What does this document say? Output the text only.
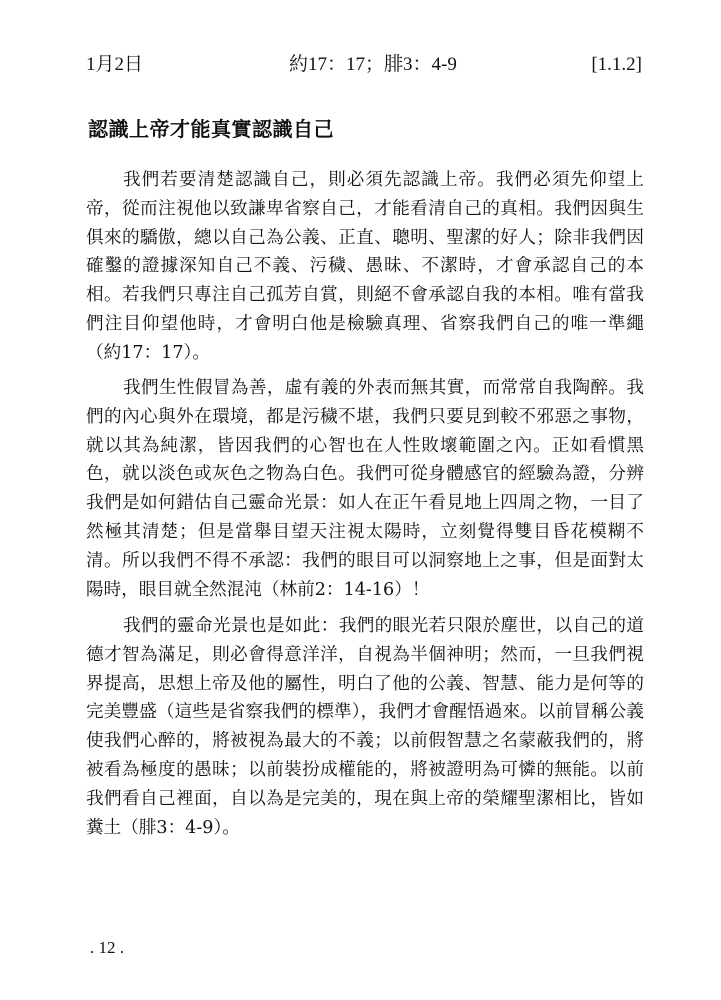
1月2日	約17：17；腓3：4-9	[1.1.2]
認識上帝才能真實認識自己

我們若要清楚認識自己，則必須先認識上帝。我們必須先仰望上帝，從而注視他以致謙卑省察自己，才能看清自己的真相。我們因與生俱來的驕傲，總以自己為公義、正直、聰明、聖潔的好人；除非我們因確鑿的證據深知自己不義、污穢、愚昧、不潔時，才會承認自己的本相。若我們只專注自己孤芳自賞，則絕不會承認自我的本相。唯有當我們注目仰望他時，才會明白他是檢驗真理、省察我們自己的唯一準繩（約17：17）。

我們生性假冒為善，虛有義的外表而無其實，而常常自我陶醉。我們的內心與外在環境，都是污穢不堪，我們只要見到較不邪惡之事物，就以其為純潔，皆因我們的心智也在人性敗壞範圍之內。正如看慣黑色，就以淡色或灰色之物為白色。我們可從身體感官的經驗為證，分辨我們是如何錯估自己靈命光景：如人在正午看見地上四周之物，一目了然極其清楚；但是當舉目望天注視太陽時，立刻覺得雙目昏花模糊不清。所以我們不得不承認：我們的眼目可以洞察地上之事，但是面對太陽時，眼目就全然混沌（林前2：14-16）！

我們的靈命光景也是如此：我們的眼光若只限於塵世，以自己的道德才智為滿足，則必會得意洋洋，自視為半個神明；然而，一旦我們視界提高，思想上帝及他的屬性，明白了他的公義、智慧、能力是何等的完美豐盛（這些是省察我們的標準），我們才會醒悟過來。以前冒稱公義使我們心醉的，將被視為最大的不義；以前假智慧之名蒙蔽我們的，將被看為極度的愚昧；以前裝扮成權能的，將被證明為可憐的無能。以前我們看自己裡面，自以為是完美的，現在與上帝的榮耀聖潔相比，皆如糞土（腓3：4-9）。

. 12 .
